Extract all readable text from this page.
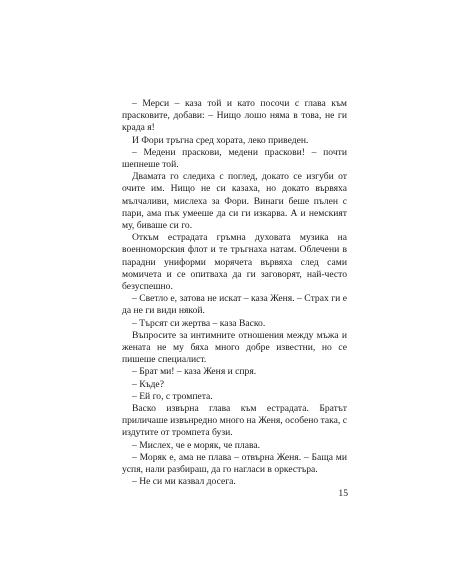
– Мерси – каза той и като посочи с глава към прасковите, добави: – Нищо лошо няма в това, не ги крада я!

И Фори тръгна сред хората, леко приведен.

– Медени праскови, медени праскови! – почти шепнеше той.

Двамата го следиха с поглед, докато се изгуби от очите им. Нищо не си казаха, но докато вървяха мълчаливи, мислеха за Фори. Винаги беше пълен с пари, ама пък умееше да си ги изкарва. А и немският му, биваше си го.

Откъм естрадата гръмна духовата музика на военноморския флот и те тръгнаха натам. Облечени в парадни униформи морячета вървяха след сами момичета и се опитваха да ги заговорят, най-често безуспешно.

– Светло е, затова не искат – каза Женя. – Страх ги е да не ги види някой.

– Търсят си жертва – каза Васко.

Въпросите за интимните отношения между мъжа и жената не му бяха много добре известни, но се пишеше специалист.

– Брат ми! – каза Женя и спря.

– Къде?

– Ей го, с тромпета.

Васко извърна глава към естрадата. Братът приличаше извънредно много на Женя, особено така, с издутите от тромпета бузи.

– Мислех, че е моряк, че плава.

– Моряк е, ама не плава – отвърна Женя. – Баща ми успя, нали разбираш, да го нагласи в оркестъра.

– Не си ми казвал досега.

15
